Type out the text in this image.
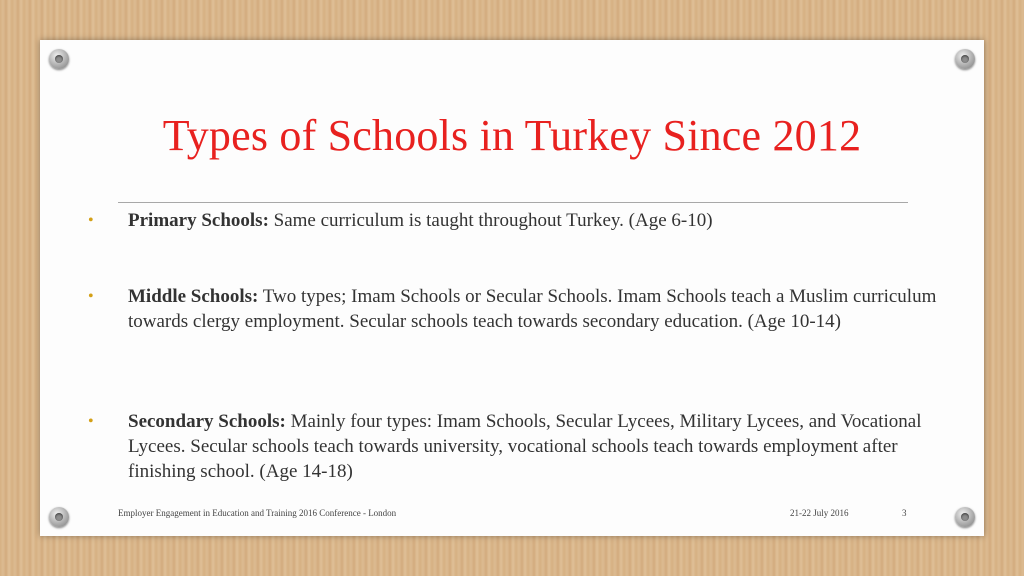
Types of Schools in Turkey Since 2012
• Primary Schools: Same curriculum is taught throughout Turkey. (Age 6-10)
• Middle Schools: Two types; Imam Schools or Secular Schools. Imam Schools teach a Muslim curriculum towards clergy employment. Secular schools teach towards secondary education. (Age 10-14)
• Secondary Schools: Mainly four types: Imam Schools, Secular Lycees, Military Lycees, and Vocational Lycees. Secular schools teach towards university, vocational schools teach towards employment after finishing school. (Age 14-18)
Employer Engagement in Education and Training 2016 Conference - London	21-22 July 2016	3
